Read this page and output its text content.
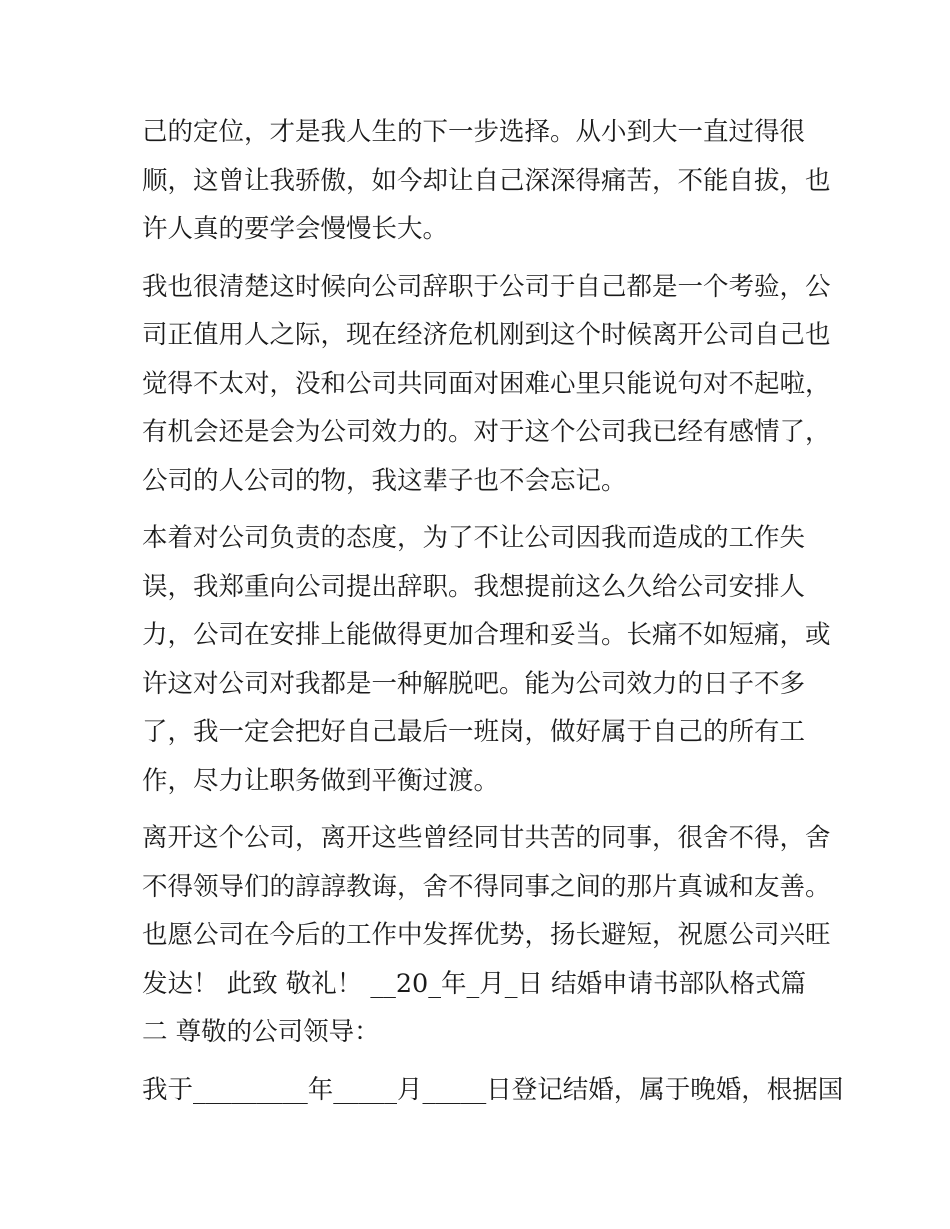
己的定位，才是我人生的下一步选择。从小到大一直过得很
顺，这曾让我骄傲，如今却让自己深深得痛苦，不能自拔，也
许人真的要学会慢慢长大。
我也很清楚这时候向公司辞职于公司于自己都是一个考验，公
司正值用人之际，现在经济危机刚到这个时候离开公司自己也
觉得不太对，没和公司共同面对困难心里只能说句对不起啦，
有机会还是会为公司效力的。对于这个公司我已经有感情了，
公司的人公司的物，我这辈子也不会忘记。
本着对公司负责的态度，为了不让公司因我而造成的工作失
误，我郑重向公司提出辞职。我想提前这么久给公司安排人
力，公司在安排上能做得更加合理和妥当。长痛不如短痛，或
许这对公司对我都是一种解脱吧。能为公司效力的日子不多
了，我一定会把好自己最后一班岗，做好属于自己的所有工
作，尽力让职务做到平衡过渡。
离开这个公司，离开这些曾经同甘共苦的同事，很舍不得，舍
不得领导们的諄諄教诲，舍不得同事之间的那片真诚和友善。
也愿公司在今后的工作中发挥优势，扬长避短，祝愿公司兴旺
发达！ 此致 敬礼！ __20_年_月_日 结婚申请书部队格式篇
二 尊敬的公司领导：
我于_________年_____月_____日登记结婚，属于晚婚，根据国
